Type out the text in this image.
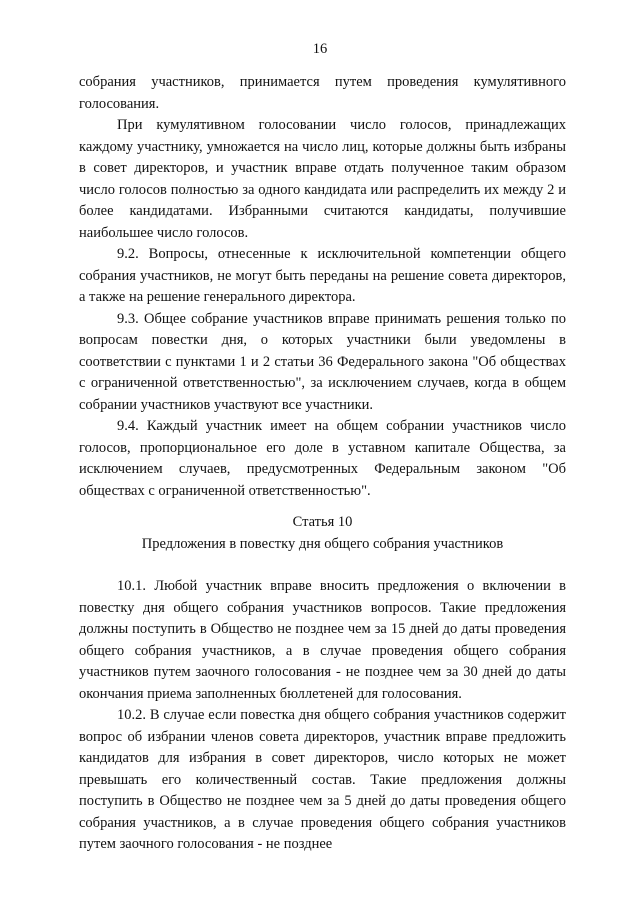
16

собрания участников, принимается путем проведения кумулятивного голосования.

При кумулятивном голосовании число голосов, принадлежащих каждому участнику, умножается на число лиц, которые должны быть избраны в совет директоров, и участник вправе отдать полученное таким образом число голосов полностью за одного кандидата или распределить их между 2 и более кандидатами. Избранными считаются кандидаты, получившие наибольшее число голосов.

9.2. Вопросы, отнесенные к исключительной компетенции общего собрания участников, не могут быть переданы на решение совета директоров, а также на решение генерального директора.

9.3. Общее собрание участников вправе принимать решения только по вопросам повестки дня, о которых участники были уведомлены в соответствии с пунктами 1 и 2 статьи 36 Федерального закона "Об обществах с ограниченной ответственностью", за исключением случаев, когда в общем собрании участников участвуют все участники.

9.4. Каждый участник имеет на общем собрании участников число голосов, пропорциональное его доле в уставном капитале Общества, за исключением случаев, предусмотренных Федеральным законом "Об обществах с ограниченной ответственностью".

Статья 10

Предложения в повестку дня общего собрания участников

10.1. Любой участник вправе вносить предложения о включении в повестку дня общего собрания участников вопросов. Такие предложения должны поступить в Общество не позднее чем за 15 дней до даты проведения общего собрания участников, а в случае проведения общего собрания участников путем заочного голосования - не позднее чем за 30 дней до даты окончания приема заполненных бюллетеней для голосования.

10.2. В случае если повестка дня общего собрания участников содержит вопрос об избрании членов совета директоров, участник вправе предложить кандидатов для избрания в совет директоров, число которых не может превышать его количественный состав. Такие предложения должны поступить в Общество не позднее чем за 5 дней до даты проведения общего собрания участников, а в случае проведения общего собрания участников путем заочного голосования - не позднее
